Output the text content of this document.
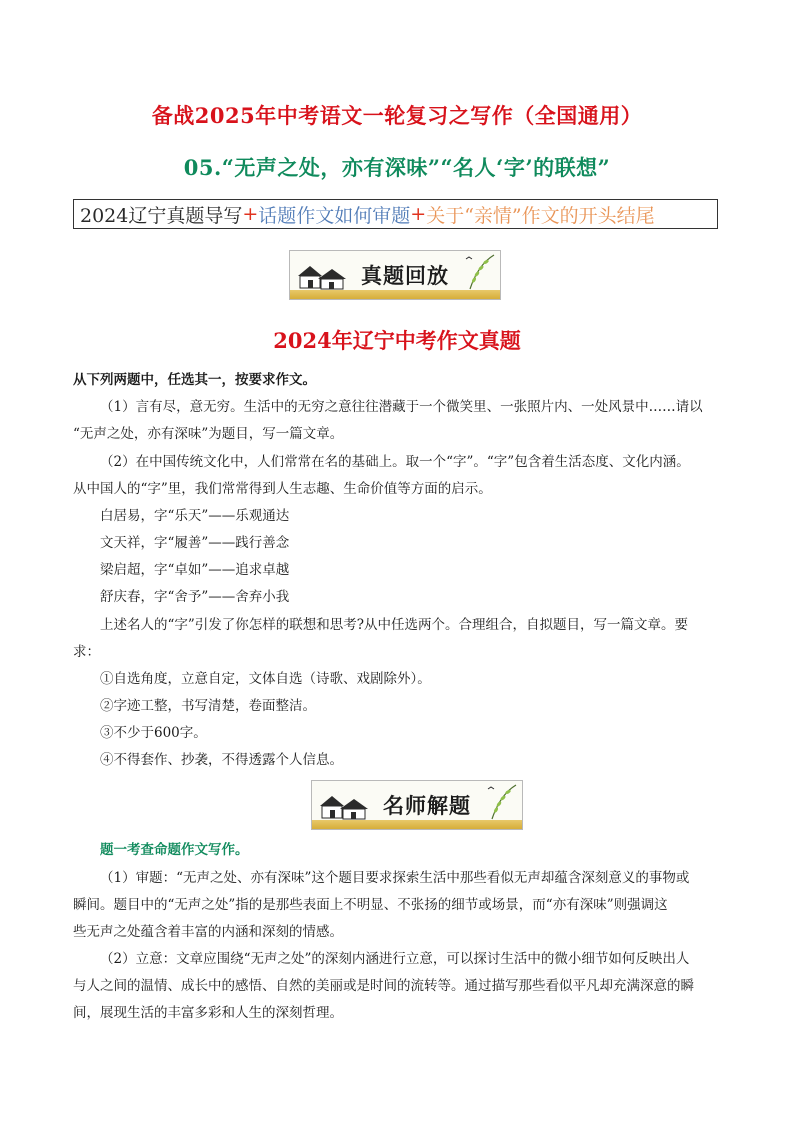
备战2025年中考语文一轮复习之写作（全国通用）
05.“无声之处，亦有深味”“名人‘字’的联想”
2024辽宁真题导写 + 话题作文如何审题 + 关于“亲情”作文的开头结尾
真题回放
2024年辽宁中考作文真题
从下列两题中，任选其一，按要求作文。
（1）言有尽，意无穷。生活中的无穷之意往往潜藏于一个微笑里、一张照片内、一处风景中……请以
“无声之处，亦有深味”为题目，写一篇文章。
（2）在中国传统文化中，人们常常在名的基础上。取一个“字”。“字”包含着生活态度、文化内涵。
从中国人的“字”里，我们常常得到人生志趣、生命价值等方面的启示。
白居易，字“乐天”——乐观通达
文天祥，字“履善”——践行善念
梁启超，字“卓如”——追求卓越
舒庆春，字“舍予”——舍弃小我
上述名人的“字”引发了你怎样的联想和思考?从中任选两个。合理组合，自拟题目，写一篇文章。要
求：
①自选角度，立意自定，文体自选（诗歌、戏剧除外）。
②字迹工整，书写清楚，卷面整洁。
③不少于600字。
④不得套作、抄袭，不得透露个人信息。
名师解题
题一考查命题作文写作。
（1）审题：“无声之处、亦有深味”这个题目要求探索生活中那些看似无声却蕴含深刻意义的事物或
瞬间。题目中的“无声之处”指的是那些表面上不明显、不张扬的细节或场景，而“亦有深味”则强调这
些无声之处蕴含着丰富的内涵和深刻的情感。
（2）立意：文章应围绕“无声之处”的深刻内涵进行立意，可以探讨生活中的微小细节如何反映出人
与人之间的温情、成长中的感悟、自然的美丽或是时间的流转等。通过描写那些看似平凡却充满深意的瞬
间，展现生活的丰富多彩和人生的深刻哲理。
